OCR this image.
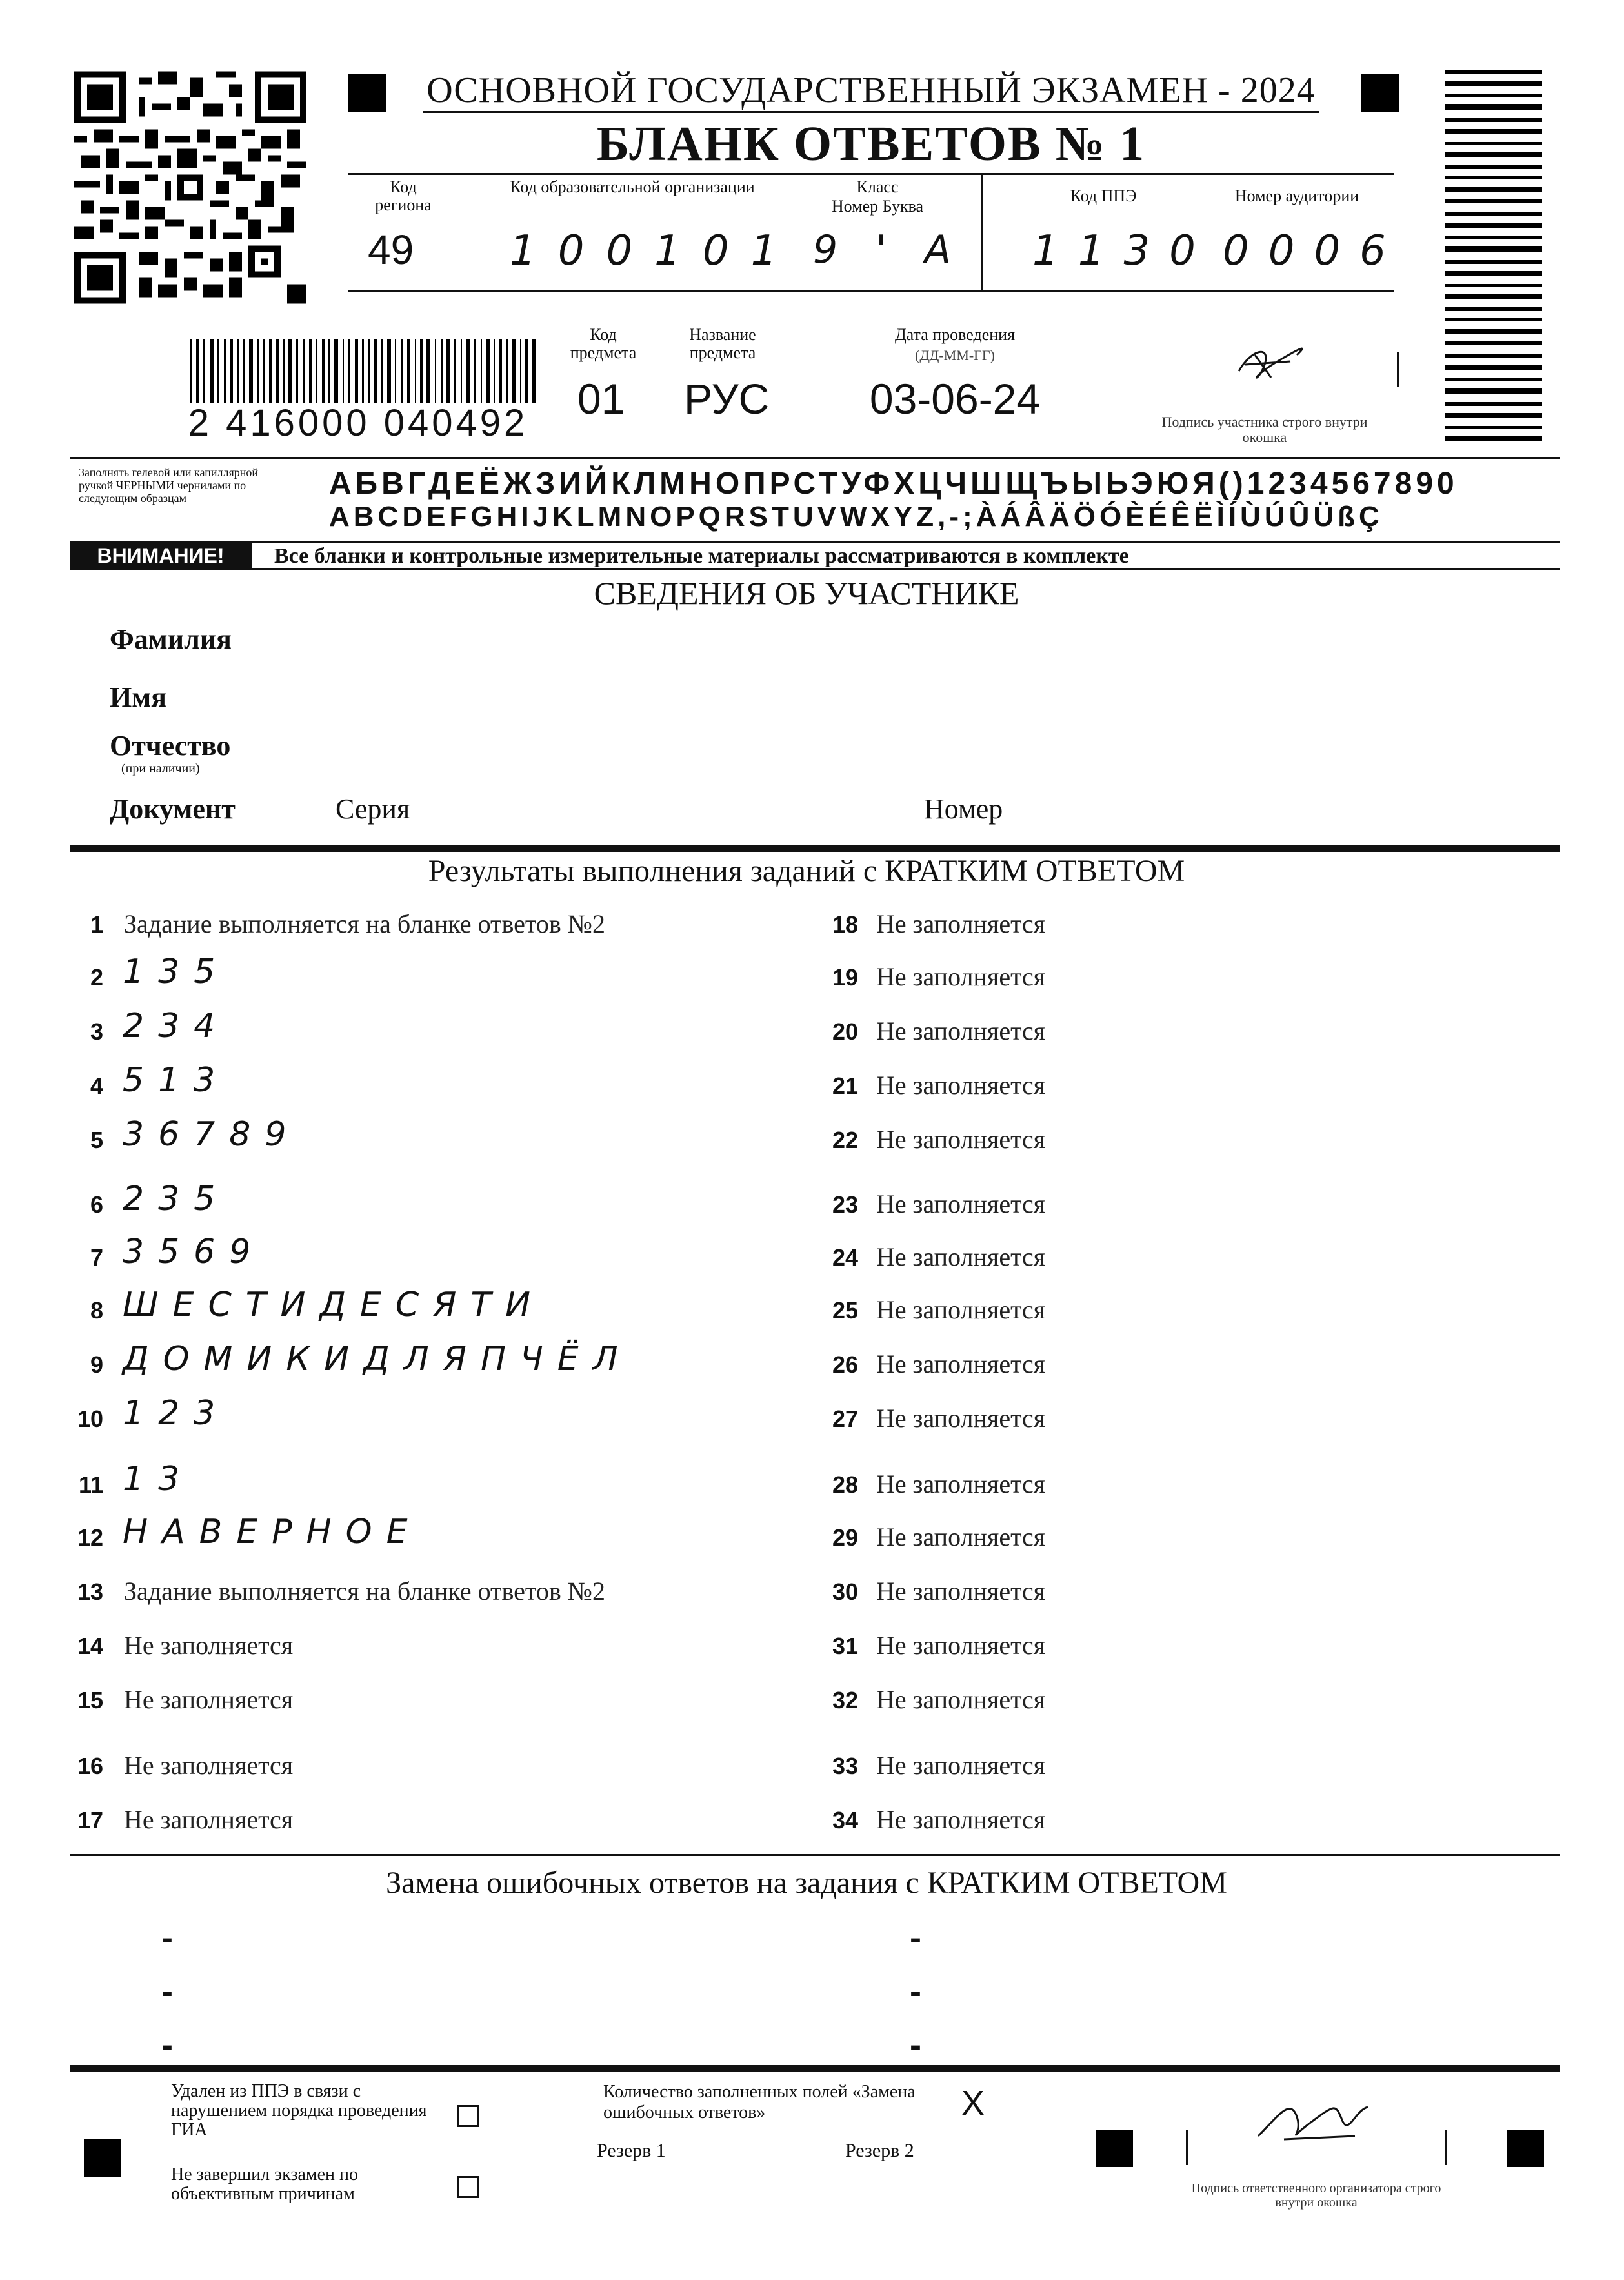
ОСНОВНОЙ ГОСУДАРСТВЕННЫЙ ЭКЗАМЕН - 2024
БЛАНК ОТВЕТОВ № 1
Код региона
49
Код образовательной организации
100101
Класс
Номер Буква
9 ' А
Код ППЭ
1130
Номер аудитории
0006
2 416000 040492
Код предмета
01
Название предмета
РУС
Дата проведения
(ДД-ММ-ГГ)
03-06-24	Подпись участника строго внутри окошка
Заполнять гелевой или капиллярной ручкой ЧЕРНЫМИ чернилами по следующим образцам	АБВГДЕЁЖЗИЙКЛМНОПРСТУФХЦЧШЩЪЫЬЭЮЯ()1234567890
ABCDEFGHIJKLMNOPQRSTUVWXYZ,-;ÀÁÂÄÖÓÈÉÊËÌÍÙÚÛÜßÇ
ВНИМАНИЕ!	Все бланки и контрольные измерительные материалы рассматриваются в комплекте
СВЕДЕНИЯ ОБ УЧАСТНИКЕ
Фамилия
Имя
Отчество
(при наличии)
Документ	Серия	Номер
Результаты выполнения заданий с КРАТКИМ ОТВЕТОМ
1 Задание выполняется на бланке ответов №2
2 135
3 234
4 513
5 36789
6 235
7 3569
8 ШЕСТИДЕСЯТИ
9 ДОМИКИДЛЯПЧЁЛ
10 123
11 13
12 НАВЕРНОЕ
13 Задание выполняется на бланке ответов №2
14 Не заполняется
15 Не заполняется
16 Не заполняется
17 Не заполняется
18 Не заполняется
19 Не заполняется
20 Не заполняется
21 Не заполняется
22 Не заполняется
23 Не заполняется
24 Не заполняется
25 Не заполняется
26 Не заполняется
27 Не заполняется
28 Не заполняется
29 Не заполняется
30 Не заполняется
31 Не заполняется
32 Не заполняется
33 Не заполняется
34 Не заполняется
Замена ошибочных ответов на задания с КРАТКИМ ОТВЕТОМ
-
-
-
-
-
-
Удален из ППЭ в связи с нарушением порядка проведения ГИА
Не завершил экзамен по объективным причинам
Количество заполненных полей «Замена ошибочных ответов»	X
Резерв 1	Резерв 2
Подпись ответственного организатора строго внутри окошка
